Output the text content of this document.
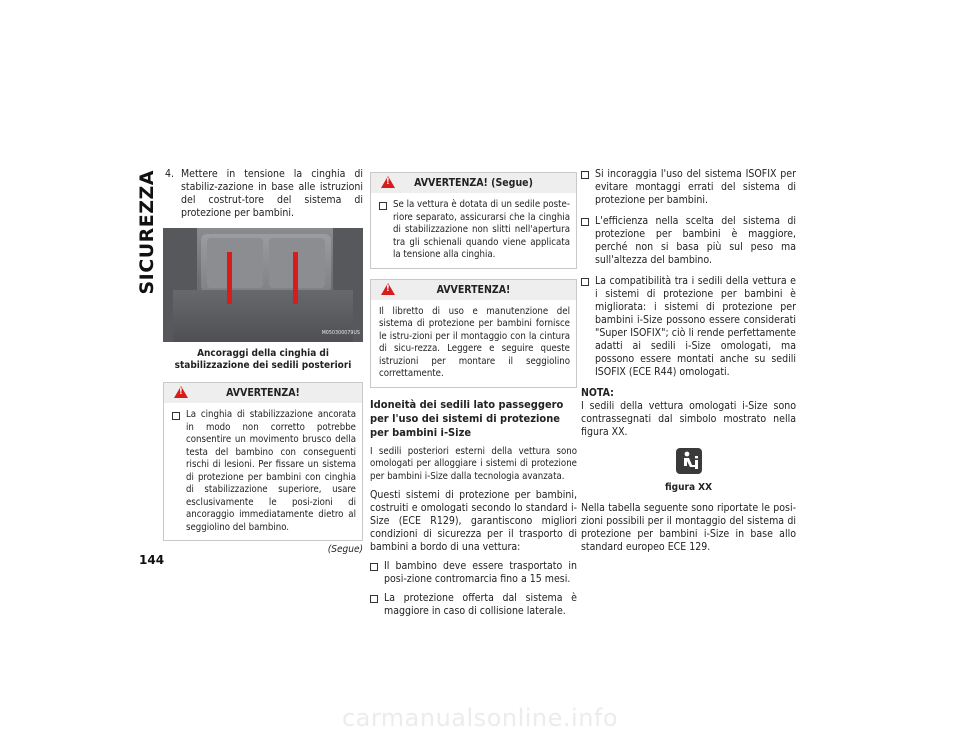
SICUREZZA
144
4. Mettere in tensione la cinghia di stabiliz-zazione in base alle istruzioni del costrut-tore del sistema di protezione per bambini.
M050300079US
Ancoraggi della cinghia di stabilizzazione dei sedili posteriori
!
AVVERTENZA!
La cinghia di stabilizzazione ancorata in modo non corretto potrebbe consentire un movimento brusco della testa del bambino con conseguenti rischi di lesioni. Per fissare un sistema di protezione per bambini con cinghia di stabilizzazione superiore, usare esclusivamente le posi-zioni di ancoraggio immediatamente dietro al seggiolino del bambino.
(Segue)
!
AVVERTENZA! (Segue)
Se la vettura è dotata di un sedile poste-riore separato, assicurarsi che la cinghia di stabilizzazione non slitti nell'apertura tra gli schienali quando viene applicata la tensione alla cinghia.
!
AVVERTENZA!
Il libretto di uso e manutenzione del sistema di protezione per bambini fornisce le istru-zioni per il montaggio con la cintura di sicu-rezza. Leggere e seguire queste istruzioni per montare il seggiolino correttamente.
Idoneità dei sedili lato passeggero per l'uso dei sistemi di protezione per bambini i-Size
I sedili posteriori esterni della vettura sono omologati per alloggiare i sistemi di protezione per bambini i-Size dalla tecnologia avanzata.

Questi sistemi di protezione per bambini, costruiti e omologati secondo lo standard i-Size (ECE R129), garantiscono migliori condizioni di sicurezza per il trasporto di bambini a bordo di una vettura:

Il bambino deve essere trasportato in posi-zione contromarcia fino a 15 mesi.
La protezione offerta dal sistema è maggiore in caso di collisione laterale.
Si incoraggia l'uso del sistema ISOFIX per evitare montaggi errati del sistema di protezione per bambini.
L'efficienza nella scelta del sistema di protezione per bambini è maggiore, perché non si basa più sul peso ma sull'altezza del bambino.
La compatibilità tra i sedili della vettura e i sistemi di protezione per bambini è migliorata: i sistemi di protezione per bambini i-Size possono essere considerati "Super ISOFIX"; ciò li rende perfettamente adatti ai sedili i-Size omologati, ma possono essere montati anche su sedili ISOFIX (ECE R44) omologati.
NOTA:

I sedili della vettura omologati i-Size sono contrassegnati dal simbolo mostrato nella figura XX.

figura XX

Nella tabella seguente sono riportate le posi-zioni possibili per il montaggio del sistema di protezione per bambini i-Size in base allo standard europeo ECE 129.

carmanualsonline.info
